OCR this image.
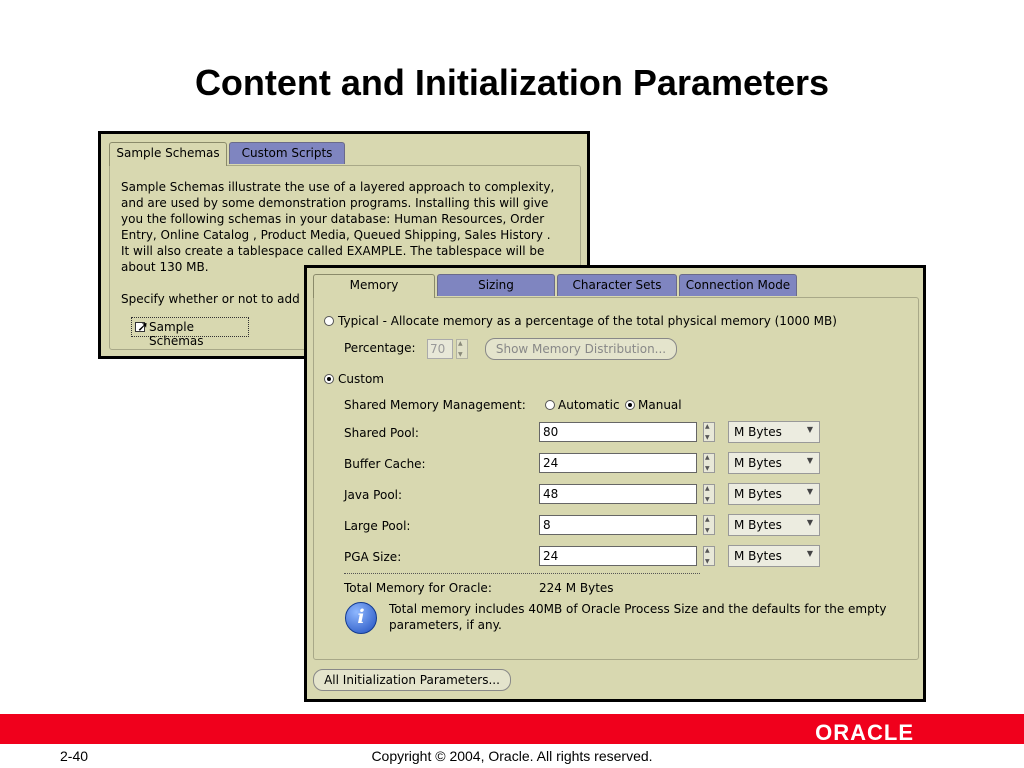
Content and Initialization Parameters
Sample Schemas	Custom Scripts
Sample Schemas illustrate the use of a layered approach to complexity,
and are used by some demonstration programs. Installing this will give
you the following schemas in your database: Human Resources, Order
Entry, Online Catalog , Product Media, Queued Shipping, Sales History .
It will also create a tablespace called EXAMPLE. The tablespace will be
about 130 MB.
Specify whether or not to add
➚ Sample Schemas
Memory	Sizing	Character Sets	Connection Mode
Typical - Allocate memory as a percentage of the total physical memory (1000 MB)
Percentage: 70 ▲ ▼	Show Memory Distribution...
Custom
Shared Memory Management:	Automatic Manual
Shared Pool:	80 ▲ ▼	M Bytes	▼
Buffer Cache:	24 ▲ ▼	M Bytes	▼
Java Pool:	48 ▲ ▼	M Bytes	▼
Large Pool:	8 ▲ ▼	M Bytes	▼
PGA Size:	24 ▲ ▼	M Bytes	▼
Total Memory for Oracle:	224 M Bytes
i	Total memory includes 40MB of Oracle Process Size and the defaults for the empty
parameters, if any.
All Initialization Parameters...
ORACLE
2-40	Copyright © 2004, Oracle. All rights reserved.
